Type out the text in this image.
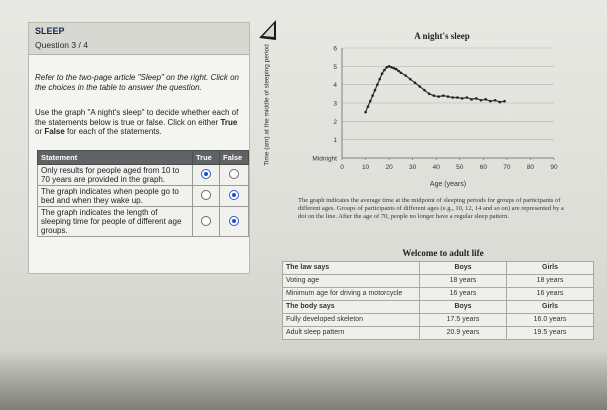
SLEEP
Question 3 / 4
Refer to the two-page article "Sleep" on the right. Click on the choices in the table to answer the question.
Use the graph "A night's sleep" to decide whether each of the statements below is true or false. Click on either True or False for each of the statements.
Statement	True	False
Only results for people aged from 10 to 70 years are provided in the graph.		
The graph indicates when people go to bed and when they wake up.		
The graph indicates the length of sleeping time for people of different age groups.		
A night's sleep
Time (am) at the middle of sleeping period	Midnight
1
2
3
4
5
6
0	10	20	30	40	50	60	70	80	90
Age (years)
The graph indicates the average time at the midpoint of sleeping periods for groups of participants of different ages. Groups of participants of different ages (e.g., 10, 12, 14 and so on) are represented by a dot on the line. After the age of 70, people no longer have a regular sleep pattern.
Welcome to adult life
The law says	Boys	Girls
Voting age	18 years	18 years
Minimum age for driving a motorcycle	16 years	16 years
The body says	Boys	Girls
Fully developed skeleton	17.5 years	16.0 years
Adult sleep pattern	20.9 years	19.5 years
